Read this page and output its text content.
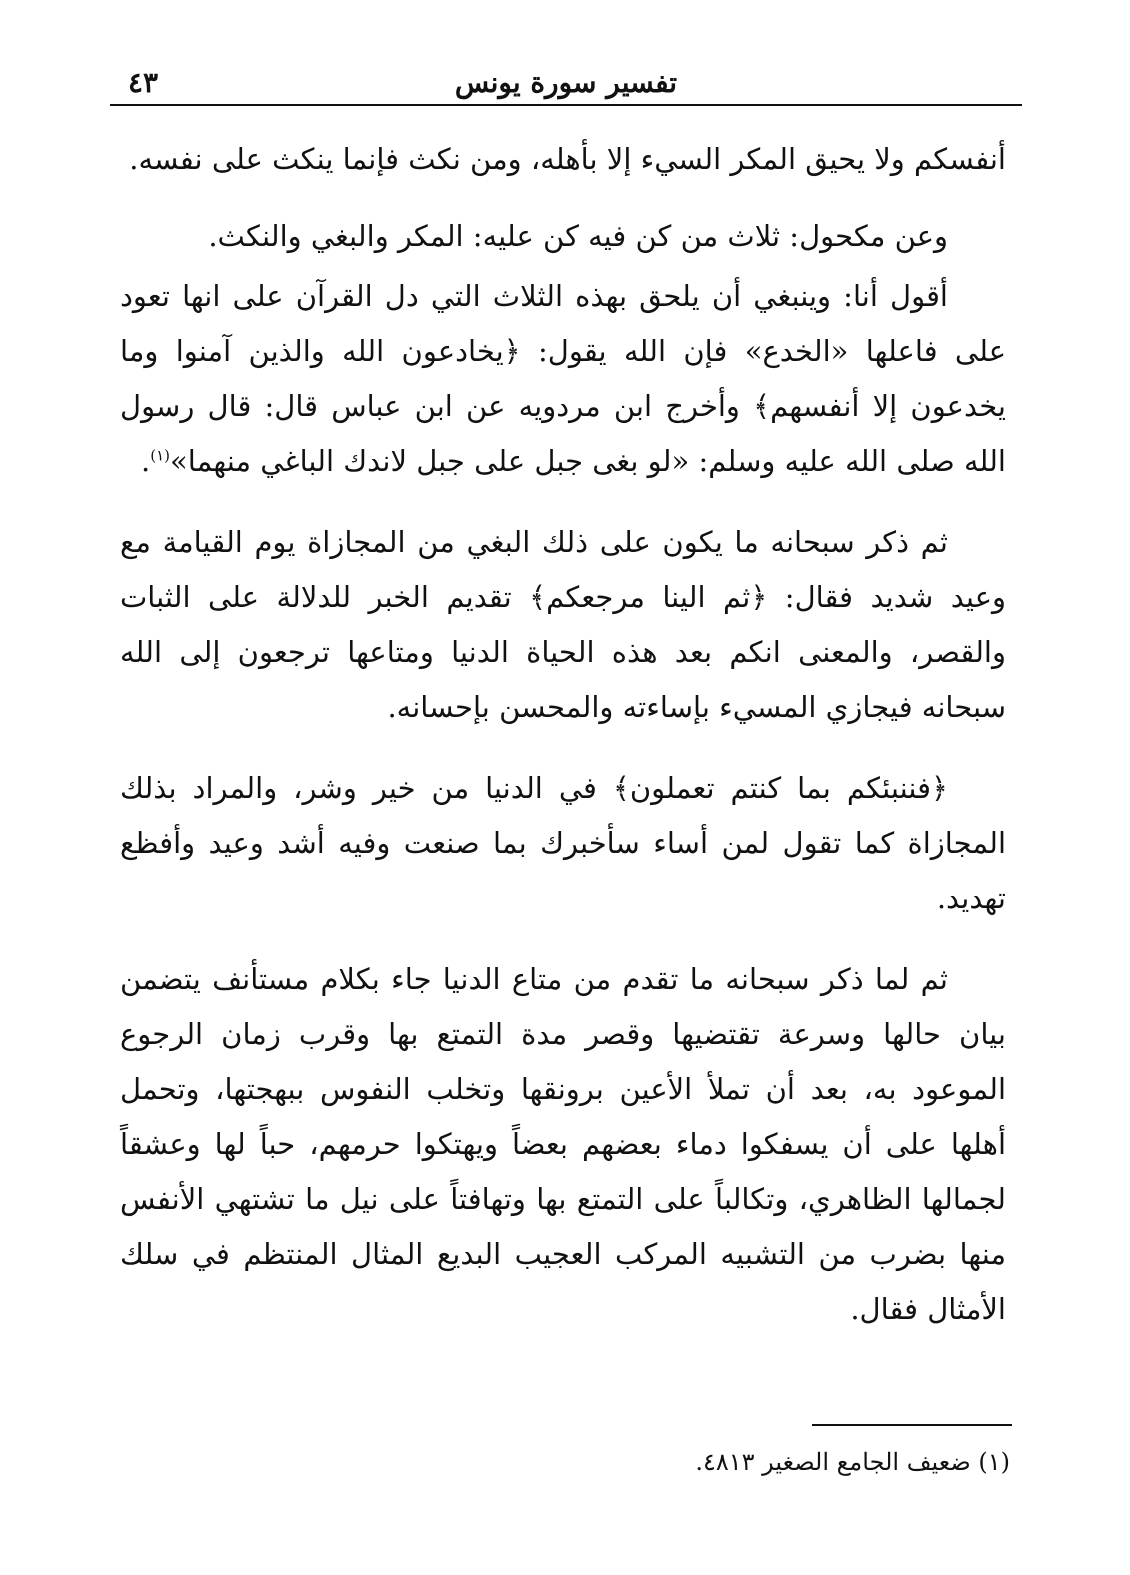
تفسير سورة يونس
٤٣

أنفسكم ولا يحيق المكر السيء إلا بأهله، ومن نكث فإنما ينكث على نفسه.

وعن مكحول: ثلاث من كن فيه كن عليه: المكر والبغي والنكث.

أقول أنا: وينبغي أن يلحق بهذه الثلاث التي دل القرآن على انها تعود على فاعلها «الخدع» فإن الله يقول: ﴿يخادعون الله والذين آمنوا وما يخدعون إلا أنفسهم﴾ وأخرج ابن مردويه عن ابن عباس قال: قال رسول الله صلى الله عليه وسلم: «لو بغى جبل على جبل لاندك الباغي منهما»$^{(١)}$.

ثم ذكر سبحانه ما يكون على ذلك البغي من المجازاة يوم القيامة مع وعيد شديد فقال: ﴿ثم الينا مرجعكم﴾ تقديم الخبر للدلالة على الثبات والقصر، والمعنى انكم بعد هذه الحياة الدنيا ومتاعها ترجعون إلى الله سبحانه فيجازي المسيء بإساءته والمحسن بإحسانه.

﴿فننبئكم بما كنتم تعملون﴾ في الدنيا من خير وشر، والمراد بذلك المجازاة كما تقول لمن أساء سأخبرك بما صنعت وفيه أشد وعيد وأفظع تهديد.

ثم لما ذكر سبحانه ما تقدم من متاع الدنيا جاء بكلام مستأنف يتضمن بيان حالها وسرعة تقتضيها وقصر مدة التمتع بها وقرب زمان الرجوع الموعود به، بعد أن تملأ الأعين برونقها وتخلب النفوس ببهجتها، وتحمل أهلها على أن يسفكوا دماء بعضهم بعضاً ويهتكوا حرمهم، حباً لها وعشقاً لجمالها الظاهري، وتكالباً على التمتع بها وتهافتاً على نيل ما تشتهي الأنفس منها بضرب من التشبيه المركب العجيب البديع المثال المنتظم في سلك الأمثال فقال.

(١) ضعيف الجامع الصغير ٤٨١٣.
